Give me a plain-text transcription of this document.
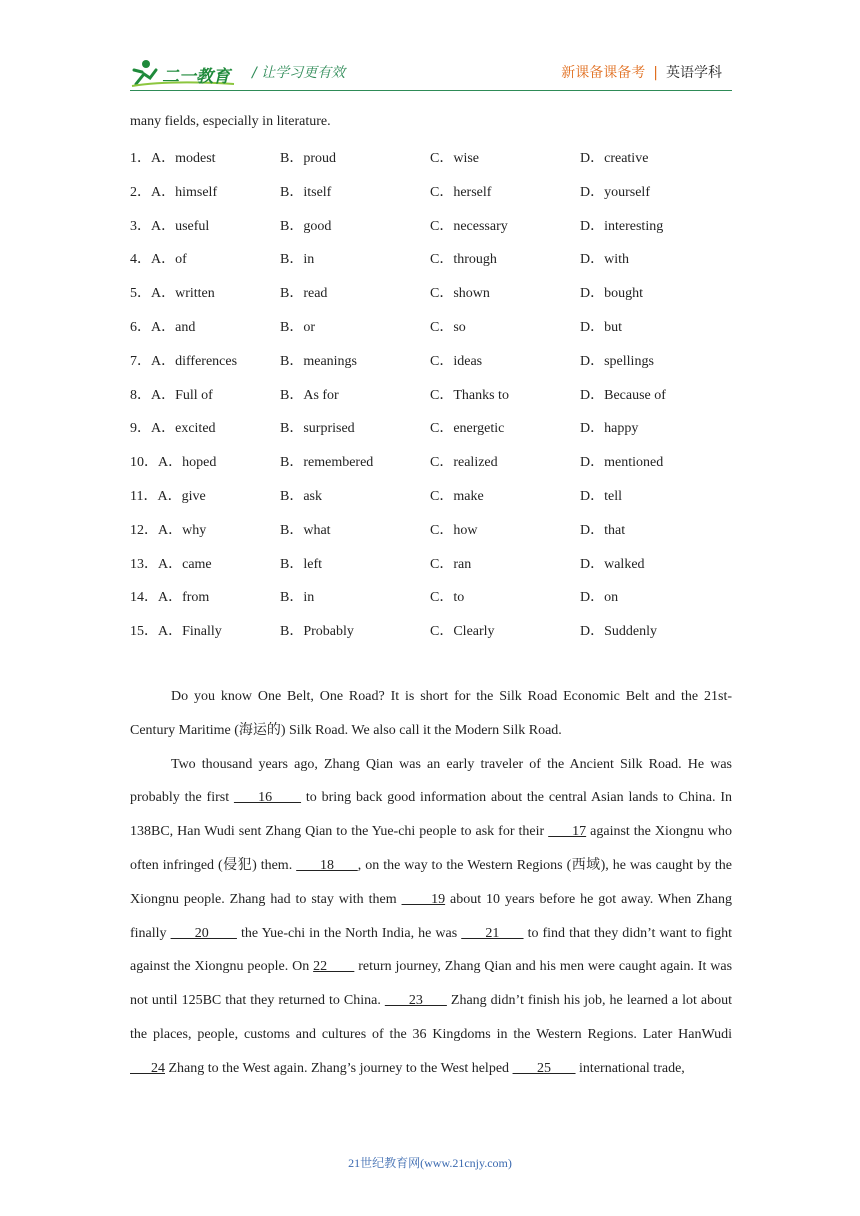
二一教育 / 让学习更有效	新课备课备考 | 英语学科
many fields, especially in literature.
1．A．modest	B．proud	C．wise	D．creative
2．A．himself	B．itself	C．herself	D．yourself
3．A．useful	B．good	C．necessary	D．interesting
4．A．of	B．in	C．through	D．with
5．A．written	B．read	C．shown	D．bought
6．A．and	B．or	C．so	D．but
7．A．differences	B．meanings	C．ideas	D．spellings
8．A．Full of	B．As for	C．Thanks to	D．Because of
9．A．excited	B．surprised	C．energetic	D．happy
10．A．hoped	B．remembered	C．realized	D．mentioned
11．A．give	B．ask	C．make	D．tell
12．A．why	B．what	C．how	D．that
13．A．came	B．left	C．ran	D．walked
14．A．from	B．in	C．to	D．on
15．A．Finally	B．Probably	C．Clearly	D．Suddenly

Do you know One Belt, One Road? It is short for the Silk Road Economic Belt and the 21st-Century Maritime (海运的) Silk Road. We also call it the Modern Silk Road.

Two thousand years ago, Zhang Qian was an early traveler of the Ancient Silk Road. He was probably the first      16       to bring back good information about the central Asian lands to China. In 138BC, Han Wudi sent Zhang Qian to the Yue-chi people to ask for their       17 against the Xiongnu who often infringed (侵犯) them.       18      , on the way to the Western Regions (西域), he was caught by the Xiongnu people. Zhang had to stay with them       19 about 10 years before he got away. When Zhang finally       20        the Yue-chi in the North India, he was       21       to find that they didn’t want to fight against the Xiongnu people. On 22        return journey, Zhang Qian and his men were caught again. It was not until 125BC that they returned to China.       23       Zhang didn’t finish his job, he learned a lot about the places, people, customs and cultures of the 36 Kingdoms in the Western Regions. Later HanWudi       24 Zhang to the West again. Zhang’s journey to the West helped        25        international trade,

21世纪教育网(www.21cnjy.com)
